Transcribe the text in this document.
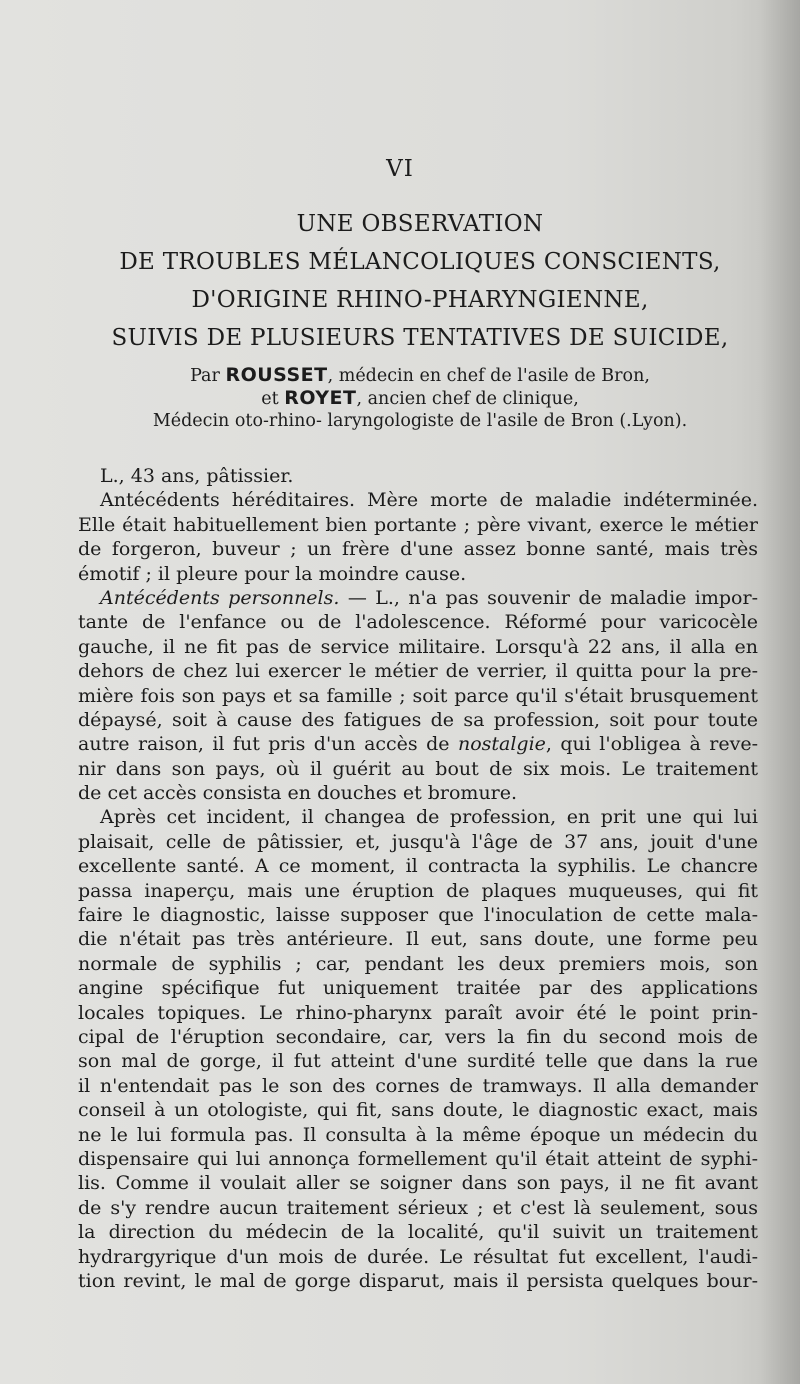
VI
UNE OBSERVATION
DE TROUBLES MÉLANCOLIQUES CONSCIENTS,
D'ORIGINE RHINO-PHARYNGIENNE,
SUIVIS DE PLUSIEURS TENTATIVES DE SUICIDE,
Par ROUSSET, médecin en chef de l'asile de Bron,
et ROYET, ancien chef de clinique,
Médecin oto-rhino- laryngologiste de l'asile de Bron (.Lyon).
L., 43 ans, pâtissier.
Antécédents héréditaires. Mère morte de maladie indéterminée.
Elle était habituellement bien portante ; père vivant, exerce le métier
de forgeron, buveur ; un frère d'une assez bonne santé, mais très
émotif ; il pleure pour la moindre cause.
Antécédents personnels. — L., n'a pas souvenir de maladie impor-
tante de l'enfance ou de l'adolescence. Réformé pour varicocèle
gauche, il ne fit pas de service militaire. Lorsqu'à 22 ans, il alla en
dehors de chez lui exercer le métier de verrier, il quitta pour la pre-
mière fois son pays et sa famille ; soit parce qu'il s'était brusquement
dépaysé, soit à cause des fatigues de sa profession, soit pour toute
autre raison, il fut pris d'un accès de nostalgie, qui l'obligea à reve-
nir dans son pays, où il guérit au bout de six mois. Le traitement
de cet accès consista en douches et bromure.
Après cet incident, il changea de profession, en prit une qui lui
plaisait, celle de pâtissier, et, jusqu'à l'âge de 37 ans, jouit d'une
excellente santé. A ce moment, il contracta la syphilis. Le chancre
passa inaperçu, mais une éruption de plaques muqueuses, qui fit
faire le diagnostic, laisse supposer que l'inoculation de cette mala-
die n'était pas très antérieure. Il eut, sans doute, une forme peu
normale de syphilis ; car, pendant les deux premiers mois, son
angine spécifique fut uniquement traitée par des applications
locales topiques. Le rhino-pharynx paraît avoir été le point prin-
cipal de l'éruption secondaire, car, vers la fin du second mois de
son mal de gorge, il fut atteint d'une surdité telle que dans la rue
il n'entendait pas le son des cornes de tramways. Il alla demander
conseil à un otologiste, qui fit, sans doute, le diagnostic exact, mais
ne le lui formula pas. Il consulta à la même époque un médecin du
dispensaire qui lui annonça formellement qu'il était atteint de syphi-
lis. Comme il voulait aller se soigner dans son pays, il ne fit avant
de s'y rendre aucun traitement sérieux ; et c'est là seulement, sous
la direction du médecin de la localité, qu'il suivit un traitement
hydrargyrique d'un mois de durée. Le résultat fut excellent, l'audi-
tion revint, le mal de gorge disparut, mais il persista quelques bour-
